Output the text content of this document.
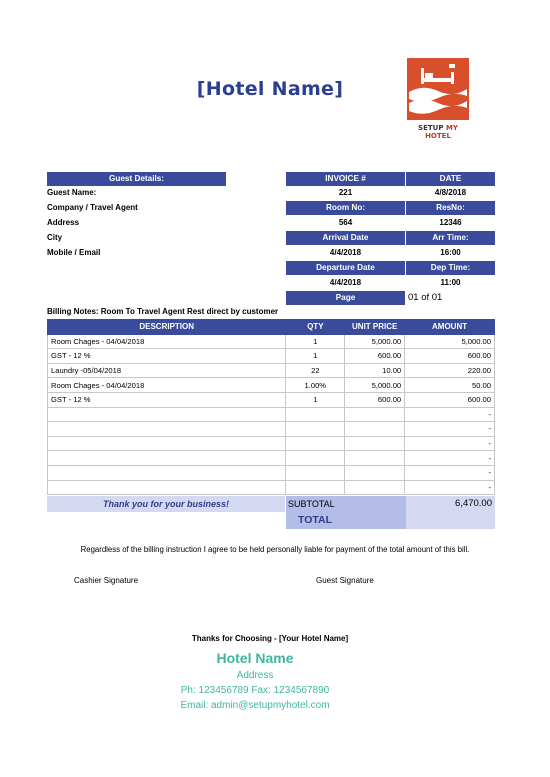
[Hotel Name]
SETUP MY HOTEL
Guest Details:
Guest Name:
Company / Travel Agent
Address
City
Mobile / Email
INVOICE #	DATE
221	4/8/2018
Room No:	ResNo:
564	12346
Arrival Date	Arr Time:
4/4/2018	16:00
Departure Date	Dep Time:
4/4/2018	11:00
Page	01 of 01
Billing Notes: Room To Travel Agent Rest direct by customer
DESCRIPTION	QTY	UNIT PRICE	AMOUNT
Room Chages - 04/04/2018	1	5,000.00	5,000.00
GST - 12 %	1	600.00	600.00
Laundry -05/04/2018	22	10.00	220.00
Room Chages - 04/04/2018	1.00%	5,000.00	50.00
GST - 12 %	1	600.00	600.00
			-
			-
			-
			-
			-
			-
Thank you for your business!	SUBTOTAL	6,470.00
TOTAL
Regardless of the billing instruction I agree to be held personally liable for payment of the total amount of this bill.
Cashier Signature	Guest Signature
Thanks for Choosing - [Your Hotel Name]
Hotel Name
Address
Ph: 123456789 Fax: 1234567890
Email: admin@setupmyhotel.com
